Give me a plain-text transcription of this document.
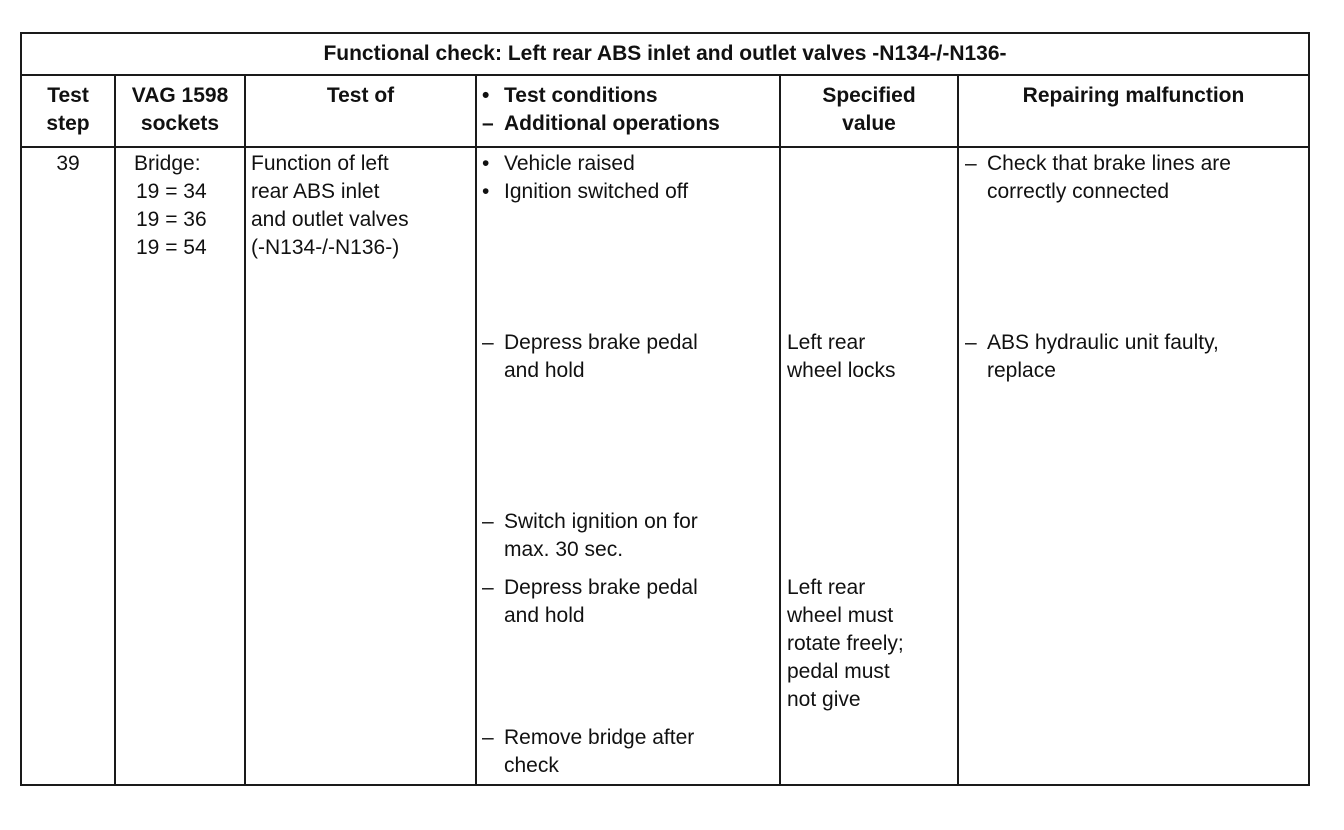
Functional check: Left rear ABS inlet and outlet valves -N134-/-N136-
Test
step
VAG 1598
sockets
Test of	• Test conditions
– Additional operations
Specified
value
Repairing malfunction
39	Bridge:
19 = 34
19 = 36
19 = 54
Function of left
rear ABS inlet
and outlet valves
(-N134-/-N136-)
• Vehicle raised
• Ignition switched off
– Depress brake pedal
and hold
– Switch ignition on for
max. 30 sec.
– Depress brake pedal
and hold
– Remove bridge after
check
Left rear
wheel locks
Left rear
wheel must
rotate freely;
pedal must
not give
– Check that brake lines are
correctly connected
– ABS hydraulic unit faulty,
replace
